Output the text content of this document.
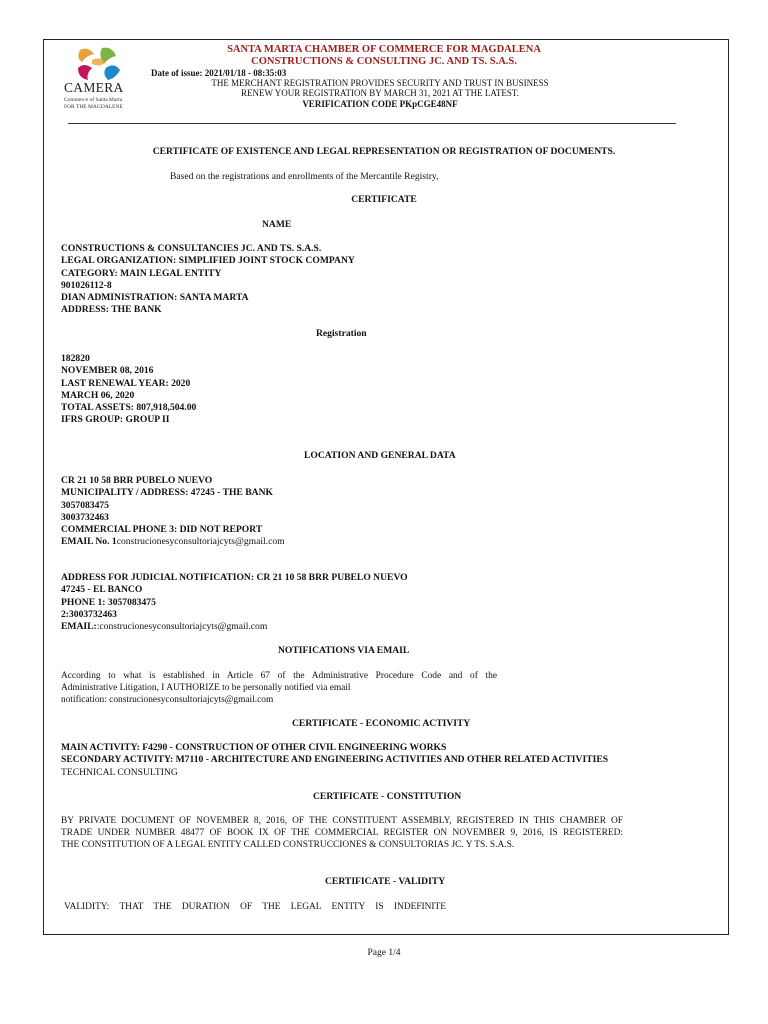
CAMERA
Commerce of Santa Marta
FOR THE MAGDALENE
SANTA MARTA CHAMBER OF COMMERCE FOR MAGDALENA
CONSTRUCTIONS & CONSULTING JC. AND TS. S.A.S.
Date of issue: 2021/01/18 - 08:35:03
THE MERCHANT REGISTRATION PROVIDES SECURITY AND TRUST IN BUSINESS
RENEW YOUR REGISTRATION BY MARCH 31, 2021 AT THE LATEST.
VERIFICATION CODE PKpCGE48NF
CERTIFICATE OF EXISTENCE AND LEGAL REPRESENTATION OR REGISTRATION OF DOCUMENTS.
Based on the registrations and enrollments of the Mercantile Registry,
CERTIFICATE
NAME
CONSTRUCTIONS & CONSULTANCIES JC. AND TS. S.A.S.
LEGAL ORGANIZATION: SIMPLIFIED JOINT STOCK COMPANY
CATEGORY: MAIN LEGAL ENTITY
901026112-8
DIAN ADMINISTRATION: SANTA MARTA
ADDRESS: THE BANK
Registration
182820
NOVEMBER 08, 2016
LAST RENEWAL YEAR: 2020
MARCH 06, 2020
TOTAL ASSETS: 807,918,504.00
IFRS GROUP: GROUP II
LOCATION AND GENERAL DATA
CR 21 10 58 BRR PUBELO NUEVO
MUNICIPALITY / ADDRESS: 47245 - THE BANK
3057083475
3003732463
COMMERCIAL PHONE 3: DID NOT REPORT
EMAIL No. 1construcionesyconsultoriajcyts@gmail.com
ADDRESS FOR JUDICIAL NOTIFICATION: CR 21 10 58 BRR PUBELO NUEVO
47245 - EL BANCO
PHONE 1: 3057083475
2:3003732463
EMAIL::construcionesyconsultoriajcyts@gmail.com
NOTIFICATIONS VIA EMAIL
According to what is established in Article 67 of the Administrative Procedure Code and of the
Administrative Litigation, I AUTHORIZE to be personally notified via email
notification: construcionesyconsultoriajcyts@gmail.com
CERTIFICATE - ECONOMIC ACTIVITY
MAIN ACTIVITY: F4290 - CONSTRUCTION OF OTHER CIVIL ENGINEERING WORKS
SECONDARY ACTIVITY: M7110 - ARCHITECTURE AND ENGINEERING ACTIVITIES AND OTHER RELATED ACTIVITIES
TECHNICAL CONSULTING
CERTIFICATE - CONSTITUTION
BY PRIVATE DOCUMENT OF NOVEMBER 8, 2016, OF THE CONSTITUENT ASSEMBLY, REGISTERED IN THIS CHAMBER OF
TRADE UNDER NUMBER 48477 OF BOOK IX OF THE COMMERCIAL REGISTER ON NOVEMBER 9, 2016, IS REGISTERED:
THE CONSTITUTION OF A LEGAL ENTITY CALLED CONSTRUCCIONES & CONSULTORIAS JC. Y TS. S.A.S.
CERTIFICATE - VALIDITY
VALIDITY: THAT THE DURATION OF THE LEGAL ENTITY IS INDEFINITE
Page 1/4
